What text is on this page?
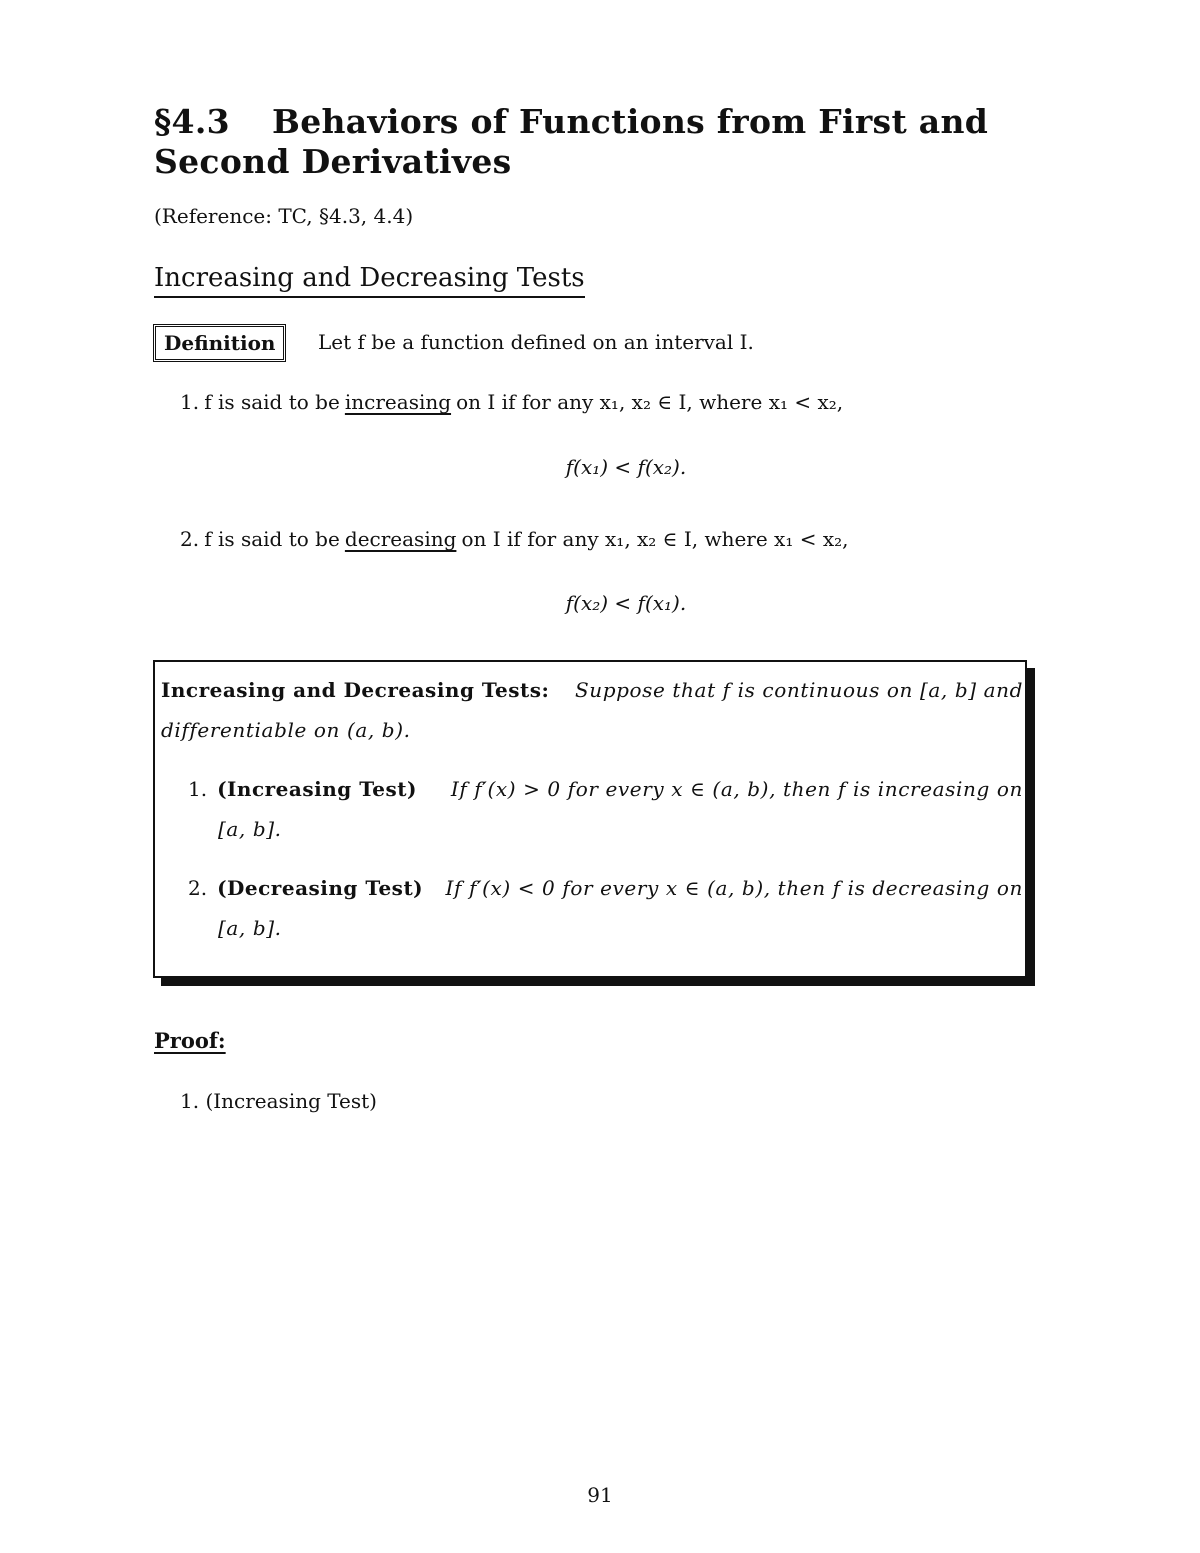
§4.3 Behaviors of Functions from First and Second Derivatives
(Reference: TC, §4.3, 4.4)
Increasing and Decreasing Tests
Definition	Let f be a function defined on an interval I.
1. f is said to be increasing on I if for any x₁, x₂ ∈ I, where x₁ < x₂,
f(x₁) < f(x₂).
2. f is said to be decreasing on I if for any x₁, x₂ ∈ I, where x₁ < x₂,
f(x₂) < f(x₁).
Increasing and Decreasing Tests: Suppose that f is continuous on [a, b] and
differentiable on (a, b).
1. (Increasing Test)	If f′(x) > 0 for every x ∈ (a, b), then f is increasing on
[a, b].
2. (Decreasing Test)	If f′(x) < 0 for every x ∈ (a, b), then f is decreasing on
[a, b].
Proof:
1. (Increasing Test)
91
